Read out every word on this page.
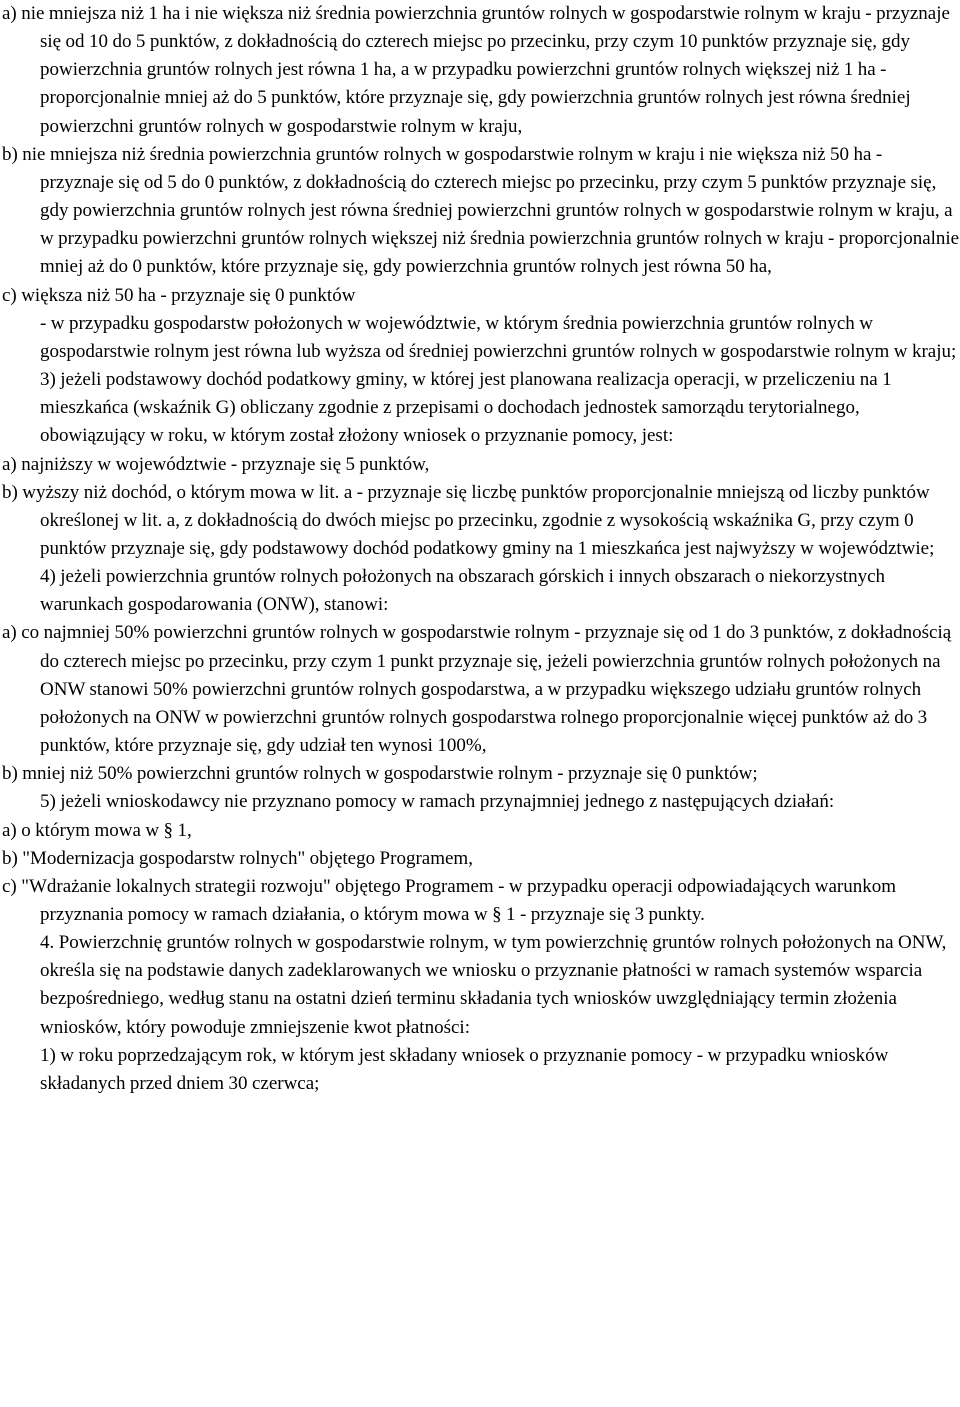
a) nie mniejsza niż 1 ha i nie większa niż średnia powierzchnia gruntów rolnych w gospodarstwie rolnym w kraju - przyznaje się od 10 do 5 punktów, z dokładnością do czterech miejsc po przecinku, przy czym 10 punktów przyznaje się, gdy powierzchnia gruntów rolnych jest równa 1 ha, a w przypadku powierzchni gruntów rolnych większej niż 1 ha - proporcjonalnie mniej aż do 5 punktów, które przyznaje się, gdy powierzchnia gruntów rolnych jest równa średniej powierzchni gruntów rolnych w gospodarstwie rolnym w kraju,

b) nie mniejsza niż średnia powierzchnia gruntów rolnych w gospodarstwie rolnym w kraju i nie większa niż 50 ha - przyznaje się od 5 do 0 punktów, z dokładnością do czterech miejsc po przecinku, przy czym 5 punktów przyznaje się, gdy powierzchnia gruntów rolnych jest równa średniej powierzchni gruntów rolnych w gospodarstwie rolnym w kraju, a w przypadku powierzchni gruntów rolnych większej niż średnia powierzchnia gruntów rolnych w kraju - proporcjonalnie mniej aż do 0 punktów, które przyznaje się, gdy powierzchnia gruntów rolnych jest równa 50 ha,

c) większa niż 50 ha - przyznaje się 0 punktów

- w przypadku gospodarstw położonych w województwie, w którym średnia powierzchnia gruntów rolnych w gospodarstwie rolnym jest równa lub wyższa od średniej powierzchni gruntów rolnych w gospodarstwie rolnym w kraju;

3) jeżeli podstawowy dochód podatkowy gminy, w której jest planowana realizacja operacji, w przeliczeniu na 1 mieszkańca (wskaźnik G) obliczany zgodnie z przepisami o dochodach jednostek samorządu terytorialnego, obowiązujący w roku, w którym został złożony wniosek o przyznanie pomocy, jest:

a) najniższy w województwie - przyznaje się 5 punktów,

b) wyższy niż dochód, o którym mowa w lit. a - przyznaje się liczbę punktów proporcjonalnie mniejszą od liczby punktów określonej w lit. a, z dokładnością do dwóch miejsc po przecinku, zgodnie z wysokością wskaźnika G, przy czym 0 punktów przyznaje się, gdy podstawowy dochód podatkowy gminy na 1 mieszkańca jest najwyższy w województwie;

4) jeżeli powierzchnia gruntów rolnych położonych na obszarach górskich i innych obszarach o niekorzystnych warunkach gospodarowania (ONW), stanowi:

a) co najmniej 50% powierzchni gruntów rolnych w gospodarstwie rolnym - przyznaje się od 1 do 3 punktów, z dokładnością do czterech miejsc po przecinku, przy czym 1 punkt przyznaje się, jeżeli powierzchnia gruntów rolnych położonych na ONW stanowi 50% powierzchni gruntów rolnych gospodarstwa, a w przypadku większego udziału gruntów rolnych położonych na ONW w powierzchni gruntów rolnych gospodarstwa rolnego proporcjonalnie więcej punktów aż do 3 punktów, które przyznaje się, gdy udział ten wynosi 100%,

b) mniej niż 50% powierzchni gruntów rolnych w gospodarstwie rolnym - przyznaje się 0 punktów;

5) jeżeli wnioskodawcy nie przyznano pomocy w ramach przynajmniej jednego z następujących działań:

a) o którym mowa w § 1,

b) "Modernizacja gospodarstw rolnych" objętego Programem,

c) "Wdrażanie lokalnych strategii rozwoju" objętego Programem - w przypadku operacji odpowiadających warunkom przyznania pomocy w ramach działania, o którym mowa w § 1 - przyznaje się 3 punkty.

4. Powierzchnię gruntów rolnych w gospodarstwie rolnym, w tym powierzchnię gruntów rolnych położonych na ONW, określa się na podstawie danych zadeklarowanych we wniosku o przyznanie płatności w ramach systemów wsparcia bezpośredniego, według stanu na ostatni dzień terminu składania tych wniosków uwzględniający termin złożenia wniosków, który powoduje zmniejszenie kwot płatności:

1) w roku poprzedzającym rok, w którym jest składany wniosek o przyznanie pomocy - w przypadku wniosków składanych przed dniem 30 czerwca;
